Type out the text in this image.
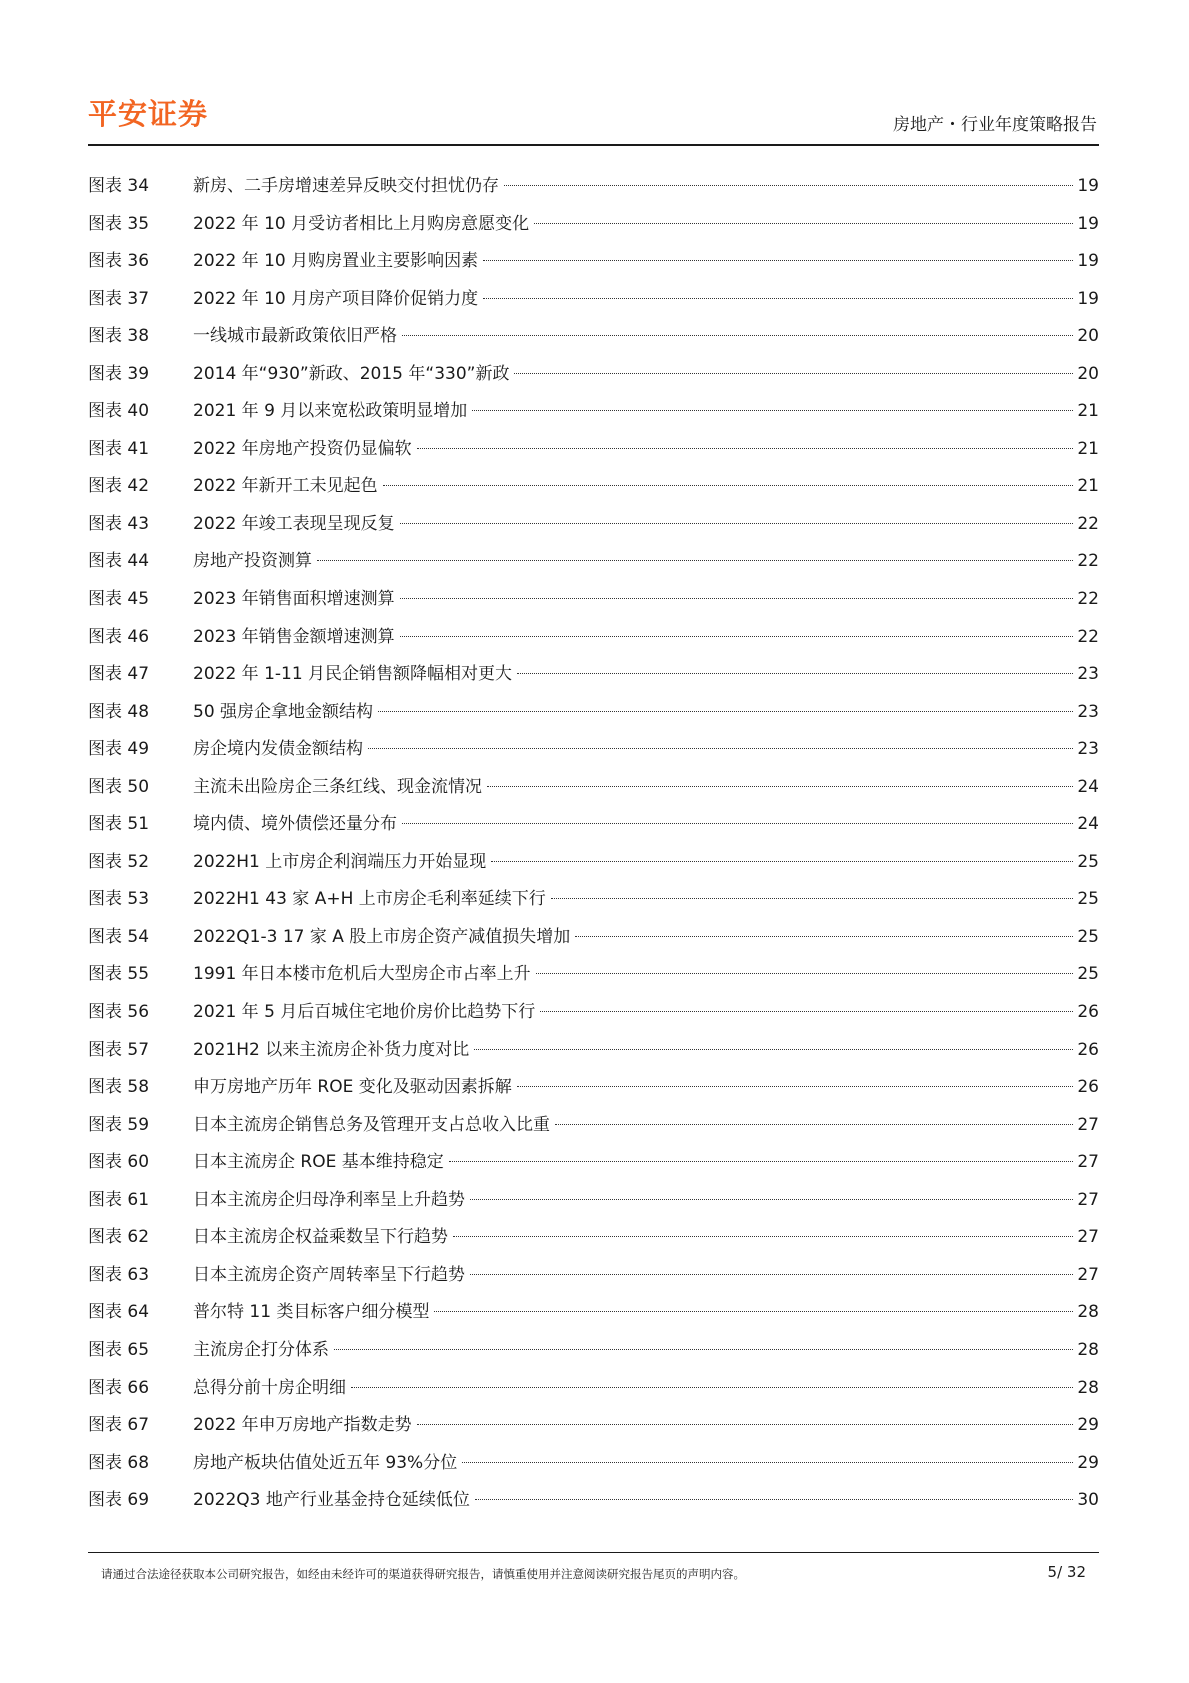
平安证券	房地产・行业年度策略报告
图表 34	新房、二手房增速差异反映交付担忧仍存	19
图表 35	2022 年 10 月受访者相比上月购房意愿变化	19
图表 36	2022 年 10 月购房置业主要影响因素	19
图表 37	2022 年 10 月房产项目降价促销力度	19
图表 38	一线城市最新政策依旧严格	20
图表 39	2014 年“930”新政、2015 年“330”新政	20
图表 40	2021 年 9 月以来宽松政策明显增加	21
图表 41	2022 年房地产投资仍显偏软	21
图表 42	2022 年新开工未见起色	21
图表 43	2022 年竣工表现呈现反复	22
图表 44	房地产投资测算	22
图表 45	2023 年销售面积增速测算	22
图表 46	2023 年销售金额增速测算	22
图表 47	2022 年 1-11 月民企销售额降幅相对更大	23
图表 48	50 强房企拿地金额结构	23
图表 49	房企境内发债金额结构	23
图表 50	主流未出险房企三条红线、现金流情况	24
图表 51	境内债、境外债偿还量分布	24
图表 52	2022H1 上市房企利润端压力开始显现	25
图表 53	2022H1 43 家 A+H 上市房企毛利率延续下行	25
图表 54	2022Q1-3 17 家 A 股上市房企资产减值损失增加	25
图表 55	1991 年日本楼市危机后大型房企市占率上升	25
图表 56	2021 年 5 月后百城住宅地价房价比趋势下行	26
图表 57	2021H2 以来主流房企补货力度对比	26
图表 58	申万房地产历年 ROE 变化及驱动因素拆解	26
图表 59	日本主流房企销售总务及管理开支占总收入比重	27
图表 60	日本主流房企 ROE 基本维持稳定	27
图表 61	日本主流房企归母净利率呈上升趋势	27
图表 62	日本主流房企权益乘数呈下行趋势	27
图表 63	日本主流房企资产周转率呈下行趋势	27
图表 64	普尔特 11 类目标客户细分模型	28
图表 65	主流房企打分体系	28
图表 66	总得分前十房企明细	28
图表 67	2022 年申万房地产指数走势	29
图表 68	房地产板块估值处近五年 93%分位	29
图表 69	2022Q3 地产行业基金持仓延续低位	30
请通过合法途径获取本公司研究报告，如经由未经许可的渠道获得研究报告，请慎重使用并注意阅读研究报告尾页的声明内容。	5/ 32
